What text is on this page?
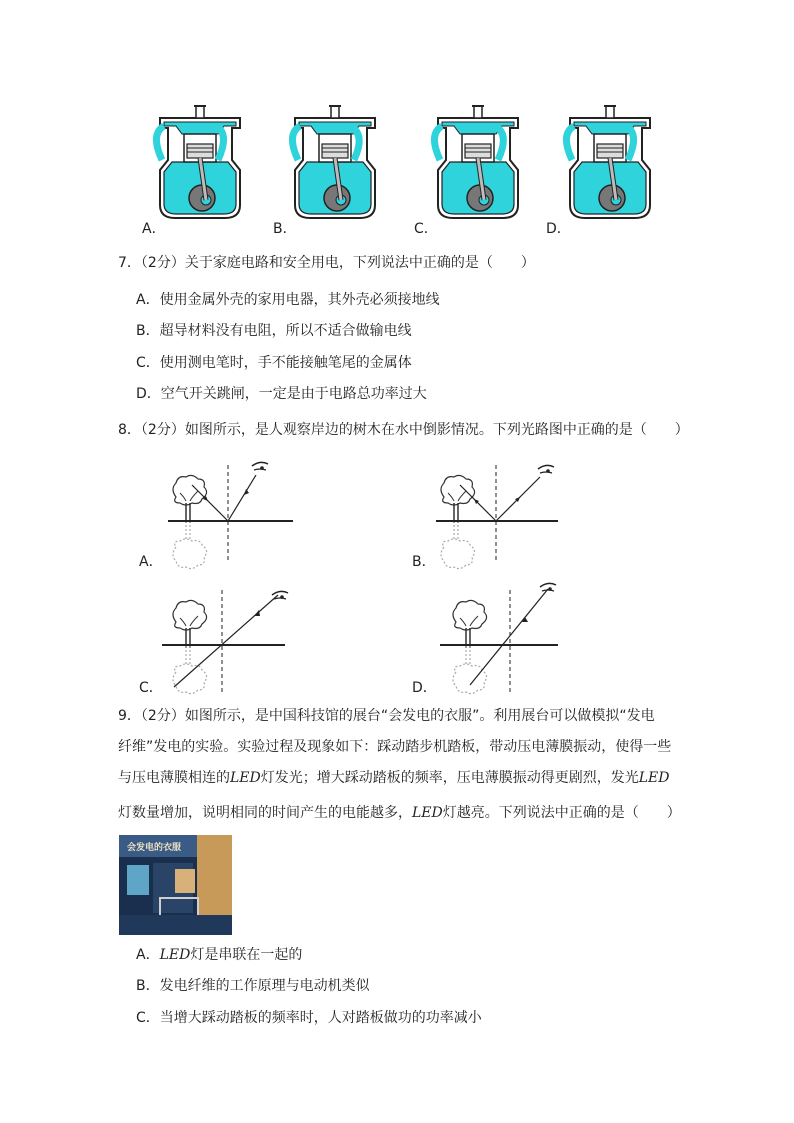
A．	B．	C．	D．
7．（2分）关于家庭电路和安全用电，下列说法中正确的是（　　）
A．使用金属外壳的家用电器，其外壳必须接地线
B．超导材料没有电阻，所以不适合做输电线
C．使用测电笔时，手不能接触笔尾的金属体
D．空气开关跳闸，一定是由于电路总功率过大
8．（2分）如图所示，是人观察岸边的树木在水中倒影情况。下列光路图中正确的是（　　）
A．	B．
C．	D．
9．（2分）如图所示，是中国科技馆的展台“会发电的衣服”。利用展台可以做模拟“发电
纤维”发电的实验。实验过程及现象如下：踩动踏步机踏板，带动压电薄膜振动，使得一些
与压电薄膜相连的LED灯发光；增大踩动踏板的频率，压电薄膜振动得更剧烈，发光LED
灯数量增加，说明相同的时间产生的电能越多，LED灯越亮。下列说法中正确的是（　　）
会发电的衣服
A．LED灯是串联在一起的
B．发电纤维的工作原理与电动机类似
C．当增大踩动踏板的频率时，人对踏板做功的功率减小
